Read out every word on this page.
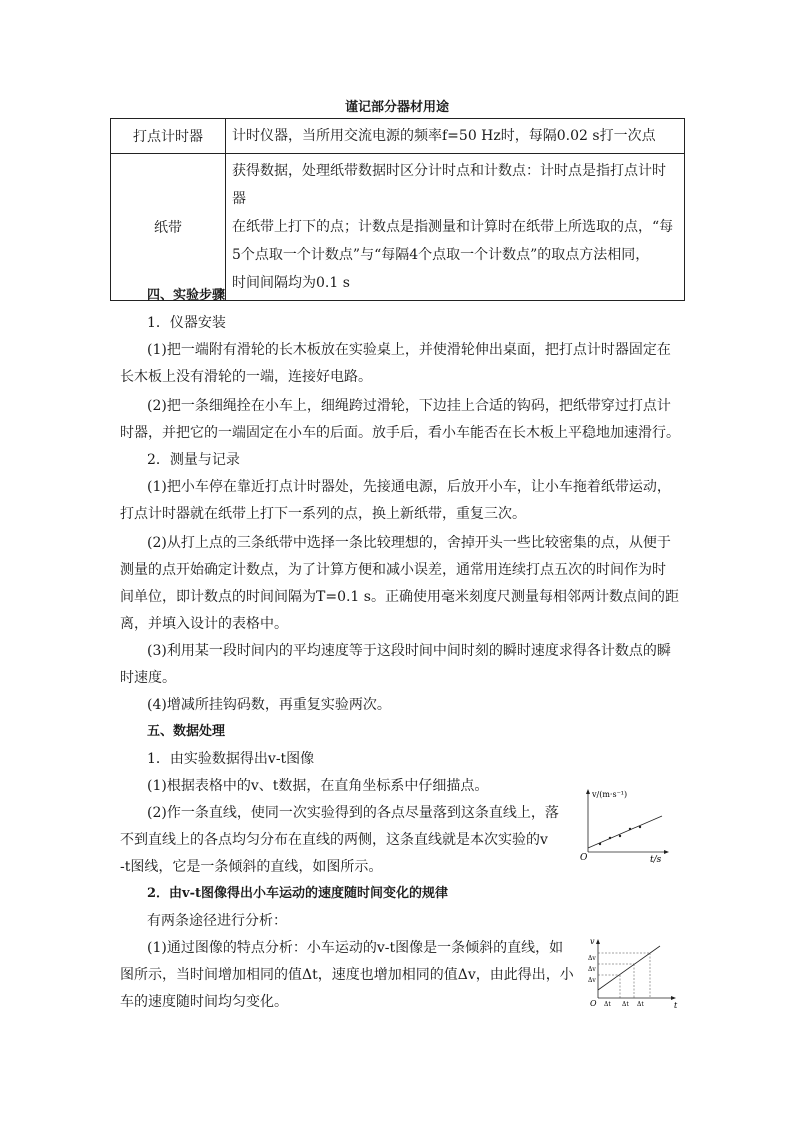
谨记部分器材用途
打点计时器	计时仪器，当所用交流电源的频率f=50 Hz时，每隔0.02 s打一次点
纸带	获得数据，处理纸带数据时区分计时点和计数点：计时点是指打点计时器
在纸带上打下的点；计数点是指测量和计算时在纸带上所选取的点，“每
5个点取一个计数点”与“每隔4个点取一个计数点”的取点方法相同，
时间间隔均为0.1 s
四、实验步骤
1．仪器安装
(1)把一端附有滑轮的长木板放在实验桌上，并使滑轮伸出桌面，把打点计时器固定在
长木板上没有滑轮的一端，连接好电路。
(2)把一条细绳拴在小车上，细绳跨过滑轮，下边挂上合适的钩码，把纸带穿过打点计
时器，并把它的一端固定在小车的后面。放手后，看小车能否在长木板上平稳地加速滑行。
2．测量与记录
(1)把小车停在靠近打点计时器处，先接通电源，后放开小车，让小车拖着纸带运动，
打点计时器就在纸带上打下一系列的点，换上新纸带，重复三次。
(2)从打上点的三条纸带中选择一条比较理想的，舍掉开头一些比较密集的点，从便于
测量的点开始确定计数点，为了计算方便和减小误差，通常用连续打点五次的时间作为时
间单位，即计数点的时间间隔为T=0.1 s。正确使用毫米刻度尺测量每相邻两计数点间的距
离，并填入设计的表格中。
(3)利用某一段时间内的平均速度等于这段时间中间时刻的瞬时速度求得各计数点的瞬
时速度。
(4)增减所挂钩码数，再重复实验两次。
五、数据处理
1．由实验数据得出v-t图像
(1)根据表格中的v、t数据，在直角坐标系中仔细描点。
(2)作一条直线，使同一次实验得到的各点尽量落到这条直线上，落
不到直线上的各点均匀分布在直线的两侧，这条直线就是本次实验的v
-t图线，它是一条倾斜的直线，如图所示。
2．由v-t图像得出小车运动的速度随时间变化的规律
有两条途径进行分析：
(1)通过图像的特点分析：小车运动的v-t图像是一条倾斜的直线，如
图所示，当时间增加相同的值Δt，速度也增加相同的值Δv，由此得出，小
车的速度随时间均匀变化。
v/(m·s⁻¹)
t/s
O
v
t
O
Δv
Δv
Δv
Δt Δt Δt
